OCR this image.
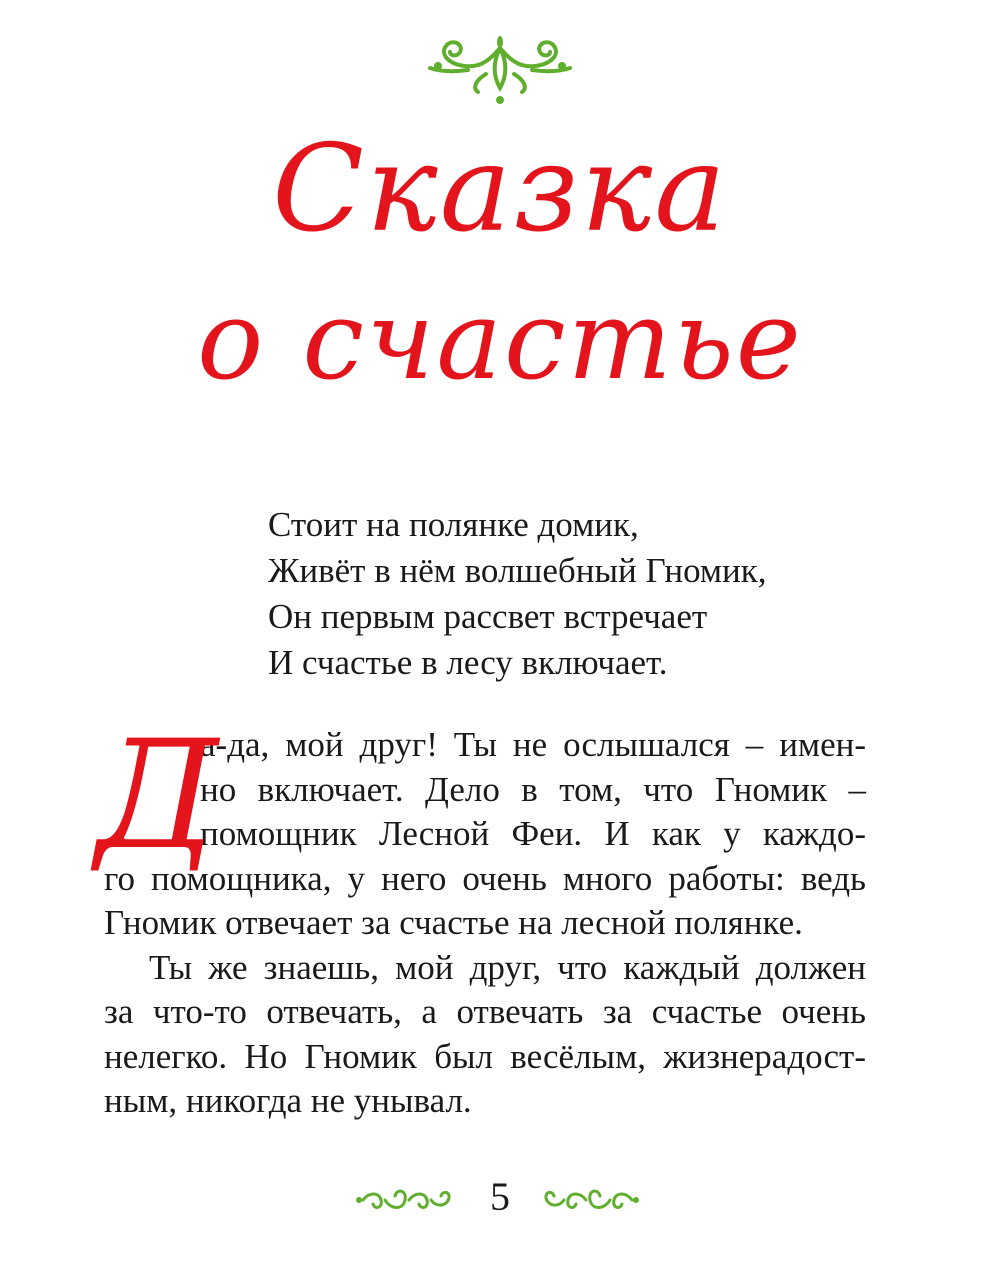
Сказка
о счастье
Стоит на полянке домик,
Живёт в нём волшебный Гномик,
Он первым рассвет встречает
И счастье в лесу включает.
Д
а-да, мой друг! Ты не ослышался – имен-
но включает. Дело в том, что Гномик –
помощник Лесной Феи. И как у каждо-
го помощника, у него очень много работы: ведь
Гномик отвечает за счастье на лесной полянке.
Ты же знаешь, мой друг, что каждый должен
за что-то отвечать, а отвечать за счастье очень
нелегко. Но Гномик был весёлым, жизнерадост-
ным, никогда не унывал.
5
